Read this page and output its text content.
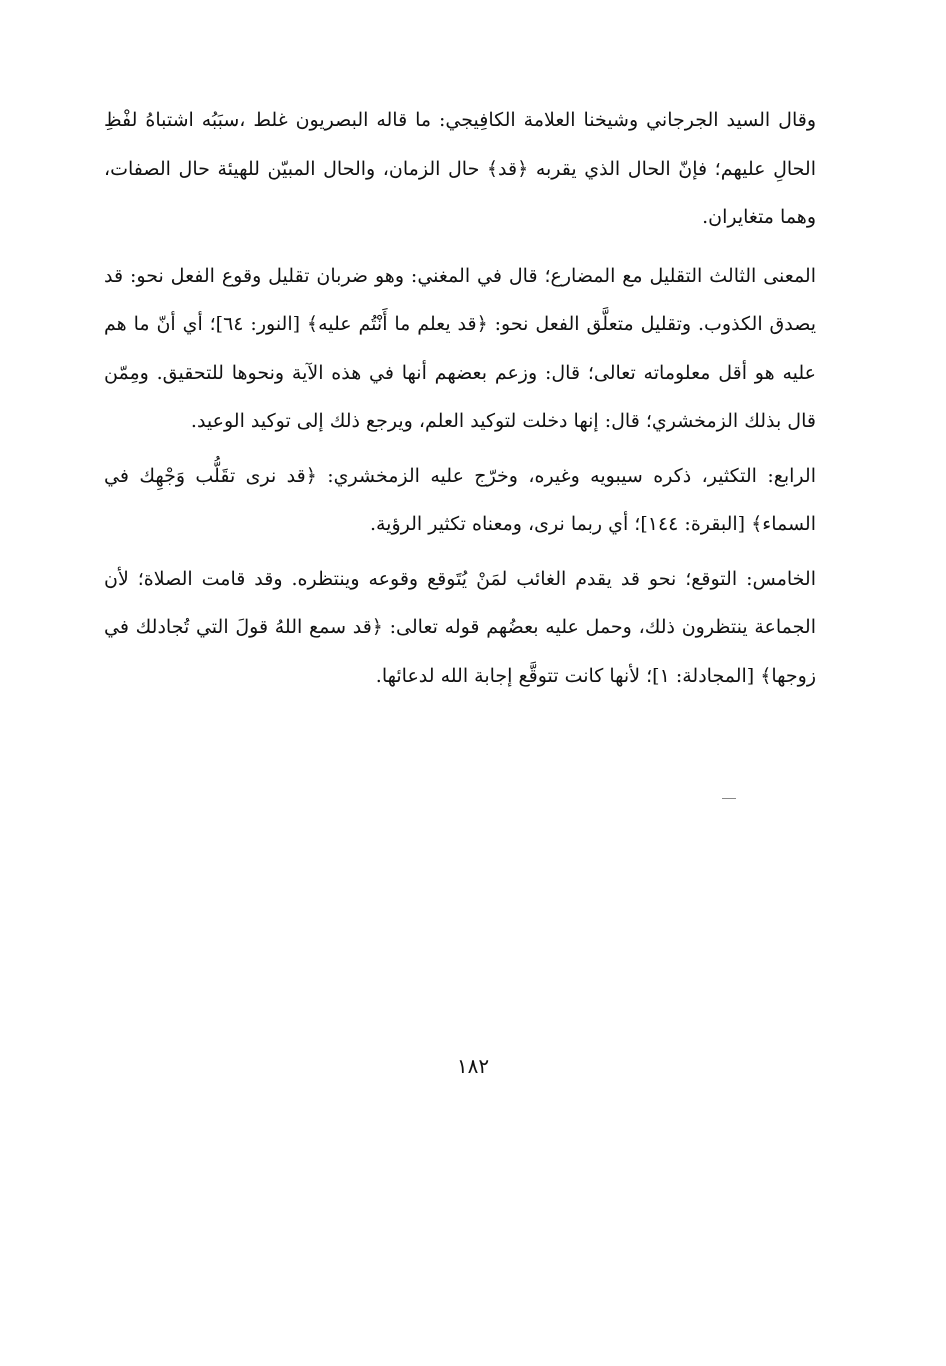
وقال السيد الجرجاني وشيخنا العلامة الكافِيجي: ما قاله البصريون غلط ،سبَبُه اشتباهُ لفْظِ الحالِ عليهم؛ فإنّ الحال الذي يقربه ﴿قد﴾ حال الزمان، والحال المبيّن للهيئة حال الصفات، وهما متغايران.

المعنى الثالث التقليل مع المضارع؛ قال في المغني: وهو ضربان تقليل وقوع الفعل نحو: قد يصدق الكذوب. وتقليل متعلَّق الفعل نحو: ﴿قد يعلم ما أَنْتُم عليه﴾ [النور: ٦٤]؛ أي أنّ ما هم عليه هو أقل معلوماته تعالى؛ قال: وزعم بعضهم أنها في هذه الآية ونحوها للتحقيق. ومِمّن قال بذلك الزمخشري؛ قال: إنها دخلت لتوكيد العلم، ويرجع ذلك إلى توكيد الوعيد.

الرابع: التكثير، ذكره سيبويه وغيره، وخرّج عليه الزمخشري: ﴿قد نرى تقَلُّب وَجْهِك في السماء﴾ [البقرة: ١٤٤]؛ أي ربما نرى، ومعناه تكثير الرؤية.

الخامس: التوقع؛ نحو قد يقدم الغائب لمَنْ يُتَوقع وقوعه وينتظره. وقد قامت الصلاة؛ لأن الجماعة ينتظرون ذلك، وحمل عليه بعضُهم قوله تعالى: ﴿قد سمع اللهُ قولَ التي تُجادلك في زوجها﴾ [المجادلة: ١]؛ لأنها كانت تتوقَّع إجابة الله لدعائها.

١٨٢
